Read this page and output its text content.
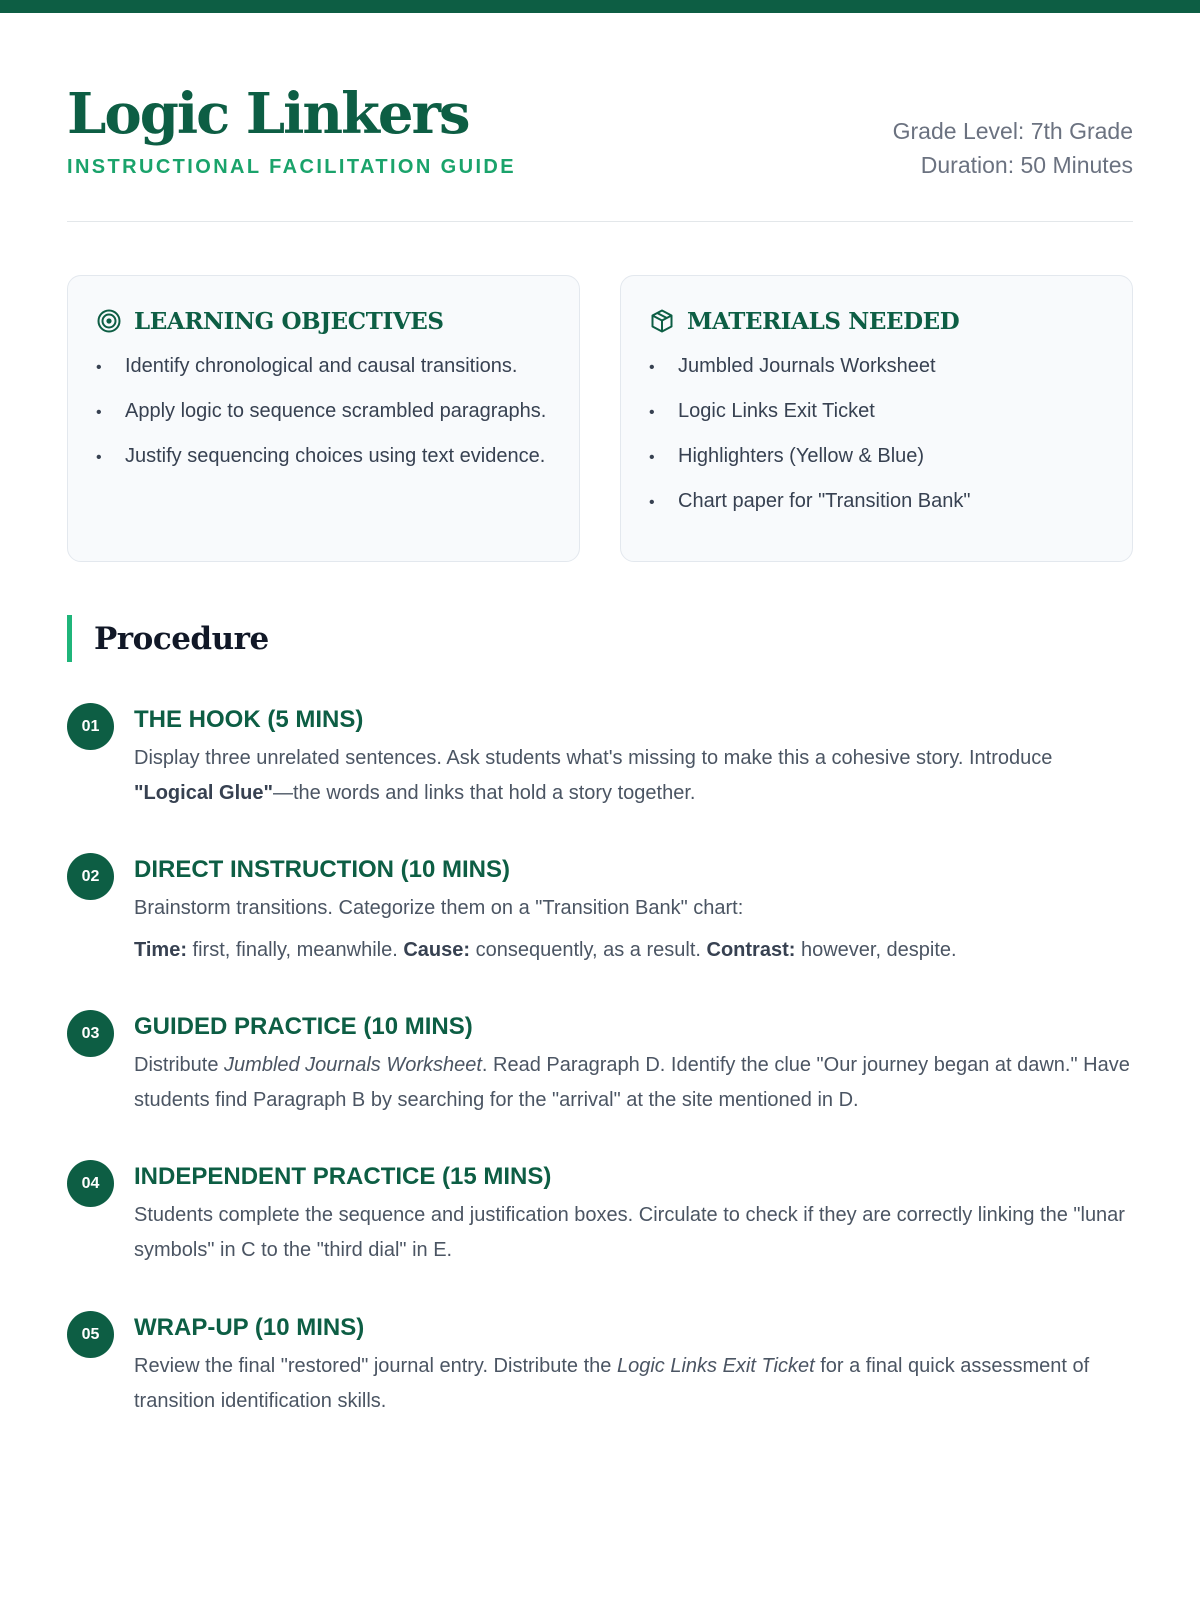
Logic Linkers
INSTRUCTIONAL FACILITATION GUIDE
Grade Level: 7th Grade
Duration: 50 Minutes
LEARNING OBJECTIVES
•Identify chronological and causal transitions.
•Apply logic to sequence scrambled paragraphs.
•Justify sequencing choices using text evidence.
MATERIALS NEEDED
•Jumbled Journals Worksheet
•Logic Links Exit Ticket
•Highlighters (Yellow & Blue)
•Chart paper for "Transition Bank"
Procedure
01	THE HOOK (5 MINS)

Display three unrelated sentences. Ask students what's missing to make this a cohesive story. Introduce "Logical Glue"—the words and links that hold a story together.

02	DIRECT INSTRUCTION (10 MINS)

Brainstorm transitions. Categorize them on a "Transition Bank" chart:

Time: first, finally, meanwhile. Cause: consequently, as a result. Contrast: however, despite.

03	GUIDED PRACTICE (10 MINS)

Distribute Jumbled Journals Worksheet. Read Paragraph D. Identify the clue "Our journey began at dawn." Have students find Paragraph B by searching for the "arrival" at the site mentioned in D.

04	INDEPENDENT PRACTICE (15 MINS)

Students complete the sequence and justification boxes. Circulate to check if they are correctly linking the "lunar symbols" in C to the "third dial" in E.

05	WRAP-UP (10 MINS)

Review the final "restored" journal entry. Distribute the Logic Links Exit Ticket for a final quick assessment of transition identification skills.
